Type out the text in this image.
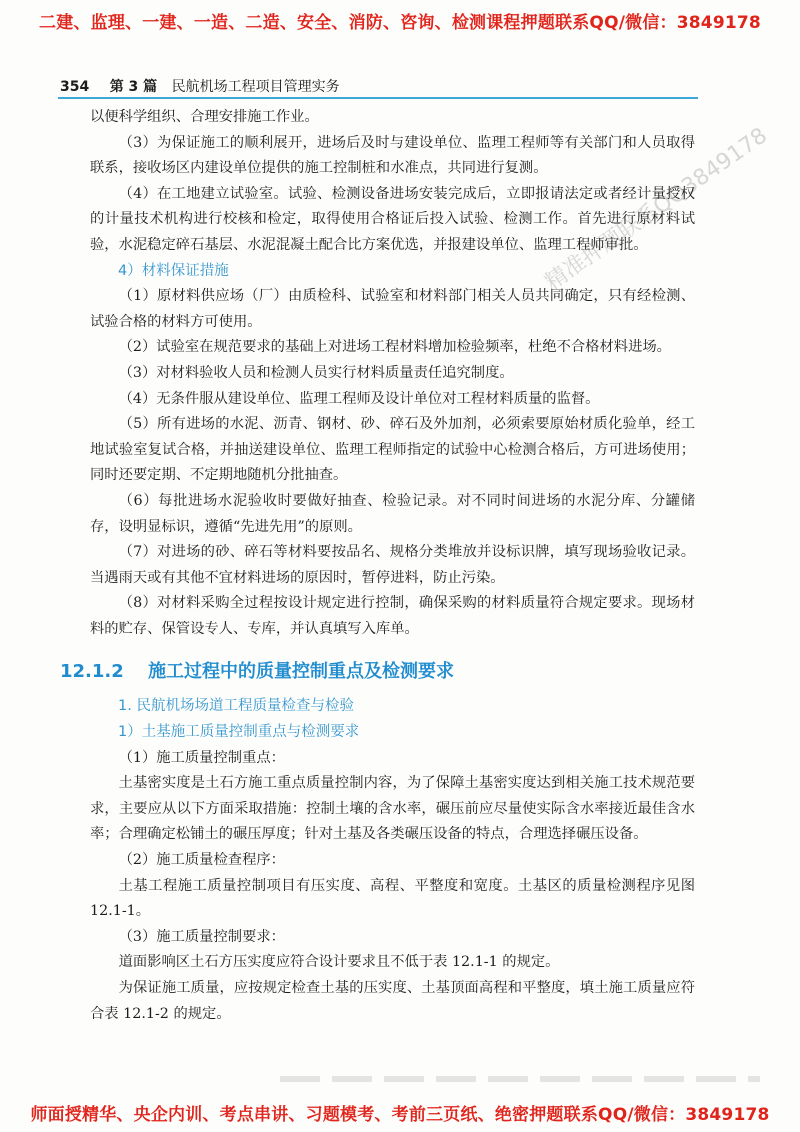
二建、监理、一建、一造、二造、安全、消防、咨询、检测课程押题联系QQ/微信：3849178
354 第 3 篇 民航机场工程项目管理实务
精准押题联系QQ3849178

以便科学组织、合理安排施工作业。

（3）为保证施工的顺利展开，进场后及时与建设单位、监理工程师等有关部门和人员取得联系，接收场区内建设单位提供的施工控制桩和水准点，共同进行复测。

（4）在工地建立试验室。试验、检测设备进场安装完成后，立即报请法定或者经计量授权的计量技术机构进行校核和检定，取得使用合格证后投入试验、检测工作。首先进行原材料试验，水泥稳定碎石基层、水泥混凝土配合比方案优选，并报建设单位、监理工程师审批。

4）材料保证措施

（1）原材料供应场（厂）由质检科、试验室和材料部门相关人员共同确定，只有经检测、试验合格的材料方可使用。

（2）试验室在规范要求的基础上对进场工程材料增加检验频率，杜绝不合格材料进场。

（3）对材料验收人员和检测人员实行材料质量责任追究制度。

（4）无条件服从建设单位、监理工程师及设计单位对工程材料质量的监督。

（5）所有进场的水泥、沥青、钢材、砂、碎石及外加剂，必须索要原始材质化验单，经工地试验室复试合格，并抽送建设单位、监理工程师指定的试验中心检测合格后，方可进场使用；同时还要定期、不定期地随机分批抽查。

（6）每批进场水泥验收时要做好抽查、检验记录。对不同时间进场的水泥分库、分罐储存，设明显标识，遵循“先进先用”的原则。

（7）对进场的砂、碎石等材料要按品名、规格分类堆放并设标识牌，填写现场验收记录。当遇雨天或有其他不宜材料进场的原因时，暂停进料，防止污染。

（8）对材料采购全过程按设计规定进行控制，确保采购的材料质量符合规定要求。现场材料的贮存、保管设专人、专库，并认真填写入库单。

12.1.2 施工过程中的质量控制重点及检测要求

1. 民航机场场道工程质量检查与检验

1）土基施工质量控制重点与检测要求

（1）施工质量控制重点：

土基密实度是土石方施工重点质量控制内容，为了保障土基密实度达到相关施工技术规范要求，主要应从以下方面采取措施：控制土壤的含水率，碾压前应尽量使实际含水率接近最佳含水率；合理确定松铺土的碾压厚度；针对土基及各类碾压设备的特点，合理选择碾压设备。

（2）施工质量检查程序：

土基工程施工质量控制项目有压实度、高程、平整度和宽度。土基区的质量检测程序见图 12.1-1。

（3）施工质量控制要求：

道面影响区土石方压实度应符合设计要求且不低于表 12.1-1 的规定。

为保证施工质量，应按规定检查土基的压实度、土基顶面高程和平整度，填土施工质量应符合表 12.1-2 的规定。

师面授精华、央企内训、考点串讲、习题模考、考前三页纸、绝密押题联系QQ/微信：3849178
